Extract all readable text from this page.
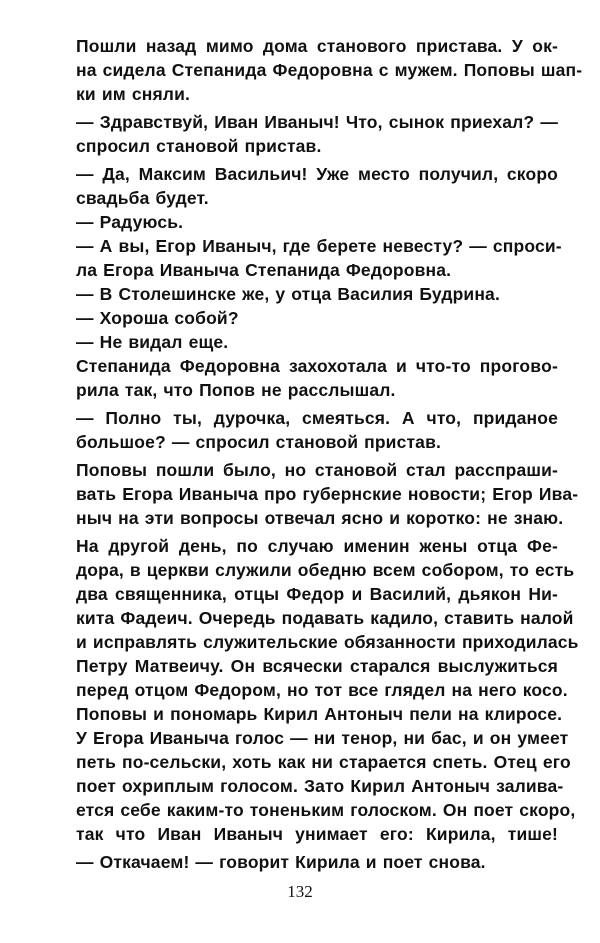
Пошли назад мимо дома станового пристава. У ок-
на сидела Степанида Федоровна с мужем. Поповы шап-
ки им сняли.
— Здравствуй, Иван Иваныч! Что, сынок приехал? —
спросил становой пристав.
— Да, Максим Васильич! Уже место получил, скоро
свадьба будет.
— Радуюсь.
— А вы, Егор Иваныч, где берете невесту? — спроси-
ла Егора Иваныча Степанида Федоровна.
— В Столешинске же, у отца Василия Будрина.
— Хороша собой?
— Не видал еще.
Степанида Федоровна захохотала и что-то проговo-
рила так, что Попов не расслышал.
— Полно ты, дурочка, смеяться. А что, приданое
большое? — спросил становой пристав.
Поповы пошли было, но становой стал расспраши-
вать Егора Иваныча про губернские новости; Егор Ива-
ныч на эти вопросы отвечал ясно и коротко: не знаю.
На другой день, по случаю именин жены отца Фе-
дора, в церкви служили обедню всем собором, то есть
два священника, отцы Федор и Василий, дьякон Ни-
кита Фадеич. Очередь подавать кадило, ставить налой
и исправлять служительские обязанности приходилась
Петру Матвеичу. Он всячески старался выслужиться
перед отцом Федором, но тот все глядел на него косо.
Поповы и пономарь Кирил Антоныч пели на клиросе.
У Егора Иваныча голос — ни тенор, ни бас, и он умеет
петь по-сельски, хоть как ни старается спеть. Отец его
поет охриплым голосом. Зато Кирил Антоныч залива-
ется себе каким-то тоненьким голоском. Он поет скоро,
так что Иван Иваныч унимает его: Кирила, тише!
— Откачаем! — говорит Кирила и поет снова.
132
